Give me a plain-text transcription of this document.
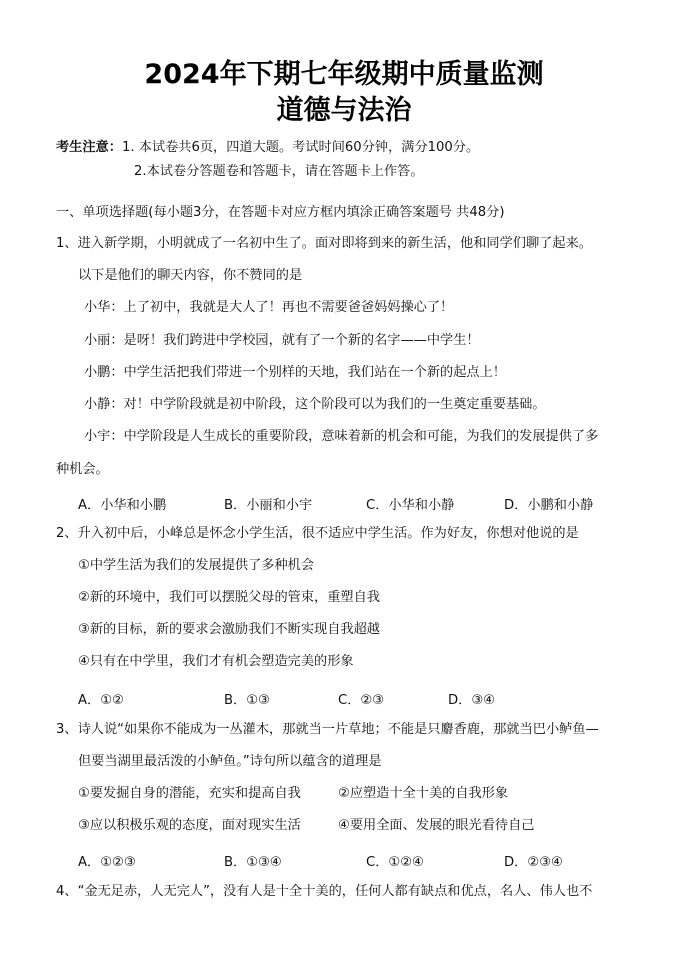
2024年下期七年级期中质量监测
道德与法治
考生注意：1. 本试卷共6页，四道大题。考试时间60分钟，满分100分。
2.本试卷分答题卷和答题卡，请在答题卡上作答。
一、单项选择题(每小题3分，在答题卡对应方框内填涂正确答案题号 共48分)
1、进入新学期，小明就成了一名初中生了。面对即将到来的新生活，他和同学们聊了起来。
以下是他们的聊天内容，你不赞同的是
小华：上了初中，我就是大人了！再也不需要爸爸妈妈操心了！
小丽：是呀！我们跨进中学校园，就有了一个新的名字——中学生！
小鹏：中学生活把我们带进一个别样的天地，我们站在一个新的起点上！
小静：对！中学阶段就是初中阶段，这个阶段可以为我们的一生奠定重要基础。
小宇：中学阶段是人生成长的重要阶段，意味着新的机会和可能，为我们的发展提供了多
种机会。
A．小华和小鹏	B．小丽和小宇	C．小华和小静	D．小鹏和小静
2、升入初中后，小峰总是怀念小学生活，很不适应中学生活。作为好友，你想对他说的是
①中学生活为我们的发展提供了多种机会
②新的环境中，我们可以摆脱父母的管束，重塑自我
③新的目标，新的要求会激励我们不断实现自我超越
④只有在中学里，我们才有机会塑造完美的形象
A．①②	B．①③	C．②③	D．③④
3、诗人说“如果你不能成为一丛灌木，那就当一片草地；不能是只麝香鹿，那就当巴小鲈鱼—
但要当湖里最活泼的小鲈鱼。”诗句所以蕴含的道理是
①要发掘自身的潜能，充实和提高自我	②应塑造十全十美的自我形象
③应以积极乐观的态度，面对现实生活	④要用全面、发展的眼光看待自己
A．①②③	B．①③④	C．①②④	D．②③④
4、“金无足赤，人无完人”，没有人是十全十美的，任何人都有缺点和优点，名人、伟人也不
